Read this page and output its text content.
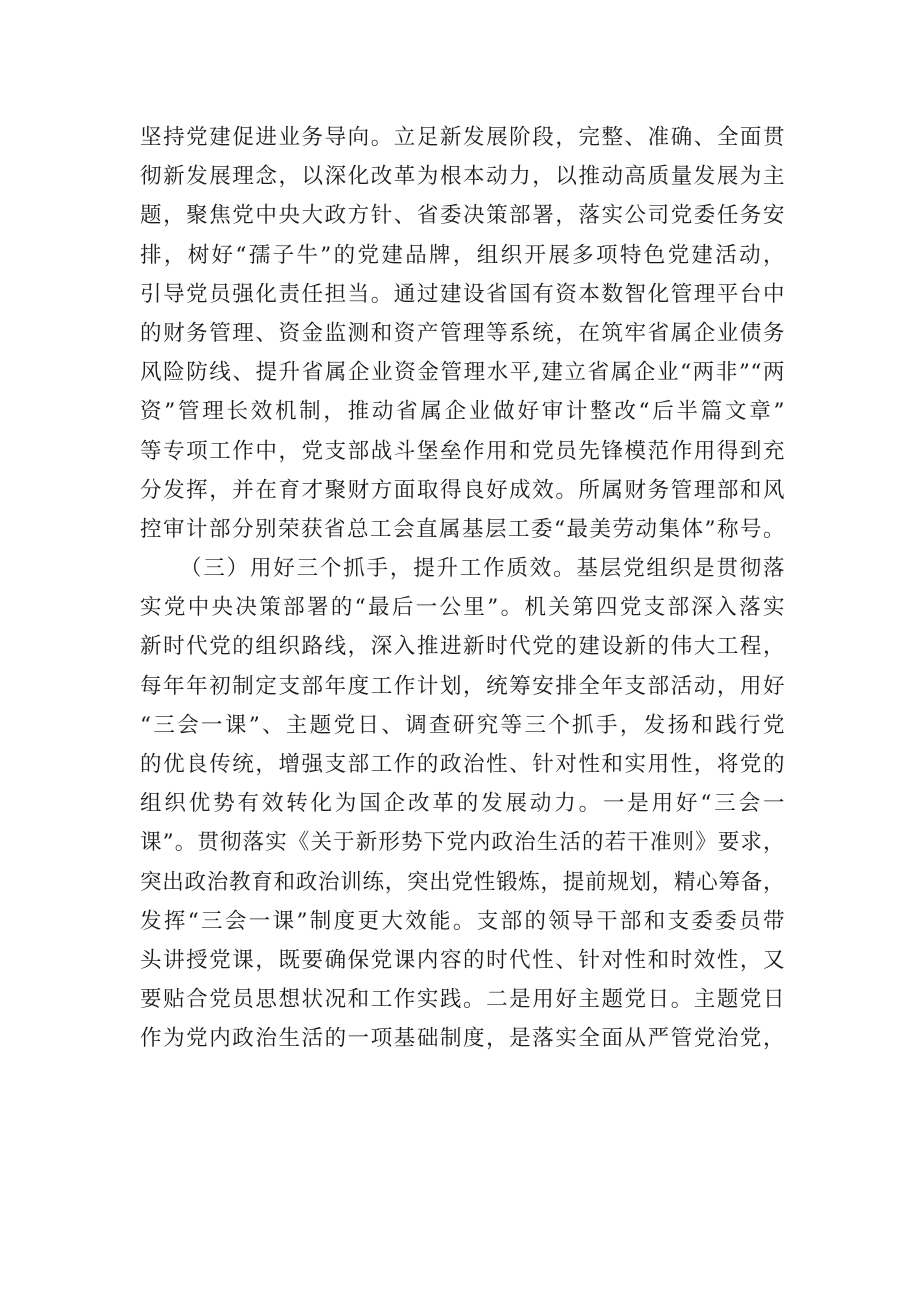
坚持党建促进业务导向。立足新发展阶段，完整、准确、全面贯
彻新发展理念，以深化改革为根本动力，以推动高质量发展为主
题，聚焦党中央大政方针、省委决策部署，落实公司党委任务安
排，树好“孺子牛”的党建品牌，组织开展多项特色党建活动，
引导党员强化责任担当。通过建设省国有资本数智化管理平台中
的财务管理、资金监测和资产管理等系统，在筑牢省属企业债务
风险防线、提升省属企业资金管理水平,建立省属企业“两非”“两
资”管理长效机制，推动省属企业做好审计整改“后半篇文章”
等专项工作中，党支部战斗堡垒作用和党员先锋模范作用得到充
分发挥，并在育才聚财方面取得良好成效。所属财务管理部和风
控审计部分别荣获省总工会直属基层工委“最美劳动集体”称号。
（三）用好三个抓手，提升工作质效。基层党组织是贯彻落
实党中央决策部署的“最后一公里”。机关第四党支部深入落实
新时代党的组织路线，深入推进新时代党的建设新的伟大工程，
每年年初制定支部年度工作计划，统筹安排全年支部活动，用好
“三会一课”、主题党日、调查研究等三个抓手，发扬和践行党
的优良传统，增强支部工作的政治性、针对性和实用性，将党的
组织优势有效转化为国企改革的发展动力。一是用好“三会一
课”。贯彻落实《关于新形势下党内政治生活的若干准则》要求，
突出政治教育和政治训练，突出党性锻炼，提前规划，精心筹备，
发挥“三会一课”制度更大效能。支部的领导干部和支委委员带
头讲授党课，既要确保党课内容的时代性、针对性和时效性，又
要贴合党员思想状况和工作实践。二是用好主题党日。主题党日
作为党内政治生活的一项基础制度，是落实全面从严管党治党，
